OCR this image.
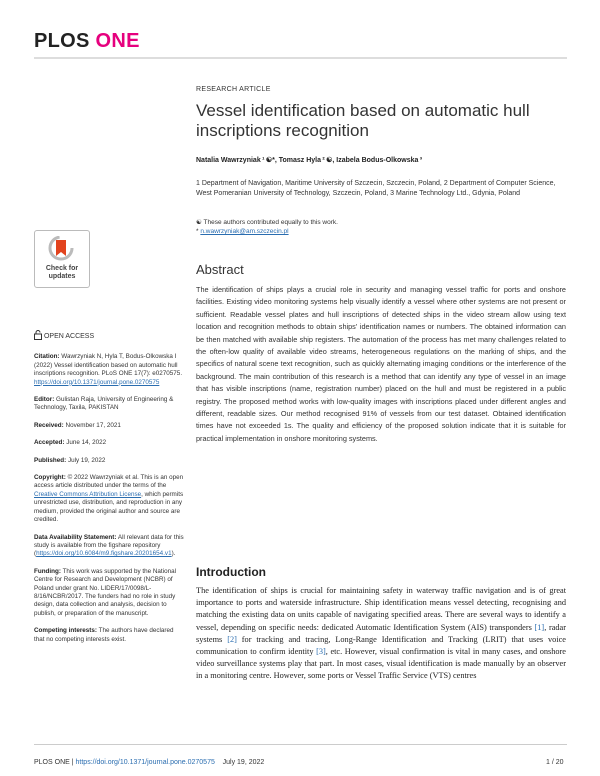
PLOS ONE
RESEARCH ARTICLE
Vessel identification based on automatic hull inscriptions recognition
Natalia Wawrzyniak ¹ ☯*, Tomasz Hyla ² ☯, Izabela Bodus-Olkowska ³
1 Department of Navigation, Maritime University of Szczecin, Szczecin, Poland, 2 Department of Computer Science, West Pomeranian University of Technology, Szczecin, Poland, 3 Marine Technology Ltd., Gdynia, Poland
☯ These authors contributed equally to this work.
* n.wawrzyniak@am.szczecin.pl
Check for updates
OPEN ACCESS
Citation: Wawrzyniak N, Hyla T, Bodus-Olkowska I (2022) Vessel identification based on automatic hull inscriptions recognition. PLoS ONE 17(7): e0270575. https://doi.org/10.1371/journal.pone.0270575
Editor: Gulistan Raja, University of Engineering & Technology, Taxila, PAKISTAN
Received: November 17, 2021
Accepted: June 14, 2022
Published: July 19, 2022
Copyright: © 2022 Wawrzyniak et al. This is an open access article distributed under the terms of the Creative Commons Attribution License, which permits unrestricted use, distribution, and reproduction in any medium, provided the original author and source are credited.
Data Availability Statement: All relevant data for this study is available from the figshare repository (https://doi.org/10.6084/m9.figshare.20201654.v1).
Funding: This work was supported by the National Centre for Research and Development (NCBR) of Poland under grant No. LIDER/17/0098/L-8/16/NCBR/2017. The funders had no role in study design, data collection and analysis, decision to publish, or preparation of the manuscript.
Competing interests: The authors have declared that no competing interests exist.
Abstract
The identification of ships plays a crucial role in security and managing vessel traffic for ports and onshore facilities. Existing video monitoring systems help visually identify a vessel where other systems are not present or sufficient. Readable vessel plates and hull inscriptions of detected ships in the video stream allow using text location and recognition methods to obtain ships' identification names or numbers. The obtained information can be then matched with available ship registers. The automation of the process has met many challenges related to the often-low quality of available video streams, heterogeneous regulations on the marking of ships, and the specifics of natural scene text recognition, such as quickly alternating imaging conditions or the interference of the background. The main contribution of this research is a method that can identify any type of vessel in an image that has visible inscriptions (name, registration number) placed on the hull and must be registered in a public registry. The proposed method works with low-quality images with inscriptions placed under different angles and different, readable sizes. Our method recognised 91% of vessels from our test dataset. Obtained identification times have not exceeded 1s. The quality and efficiency of the proposed solution indicate that it is suitable for practical implementation in onshore monitoring systems.
Introduction
The identification of ships is crucial for maintaining safety in waterway traffic navigation and is of great importance to ports and waterside infrastructure. Ship identification means vessel detecting, recognising and matching the existing data on units capable of navigating specified areas. There are several ways to identify a vessel, depending on specific needs: dedicated Automatic Identification System (AIS) transponders [1], radar systems [2] for tracking and tracing, Long-Range Identification and Tracking (LRIT) that uses voice communication to confirm identity [3], etc. However, visual confirmation is vital in many cases, and onshore video surveillance systems play that part. In most cases, visual identification is made manually by an observer in a monitoring centre. However, some ports or Vessel Traffic Service (VTS) centres
PLOS ONE | https://doi.org/10.1371/journal.pone.0270575 July 19, 2022	1 / 20
